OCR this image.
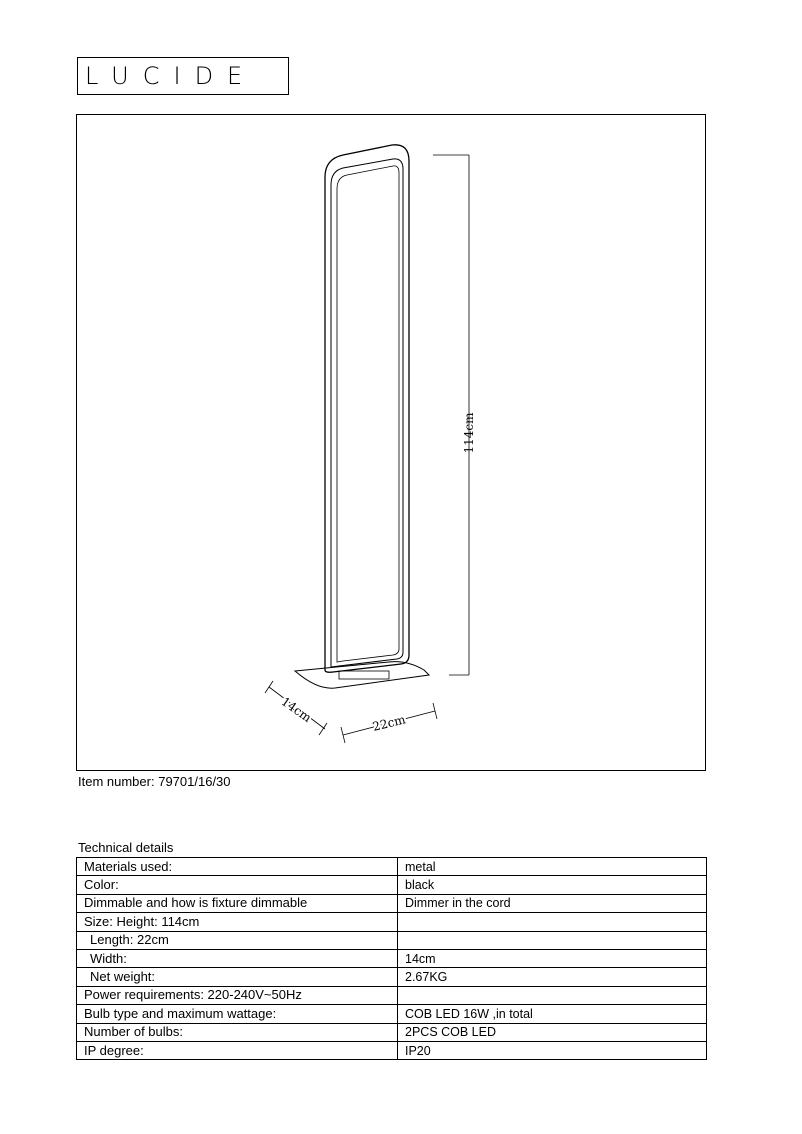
LUCIDE
114cm
14cm	22cm
Item number: 79701/16/30
Technical details
Materials used:	metal
Color:	black
Dimmable and how is fixture dimmable	Dimmer in the cord
Size: Height: 114cm	
Length: 22cm	
Width:	14cm
Net weight:	2.67KG
Power requirements: 220-240V~50Hz	
Bulb type and maximum wattage:	COB LED 16W ,in total
Number of bulbs:	2PCS COB LED
IP degree:	IP20
